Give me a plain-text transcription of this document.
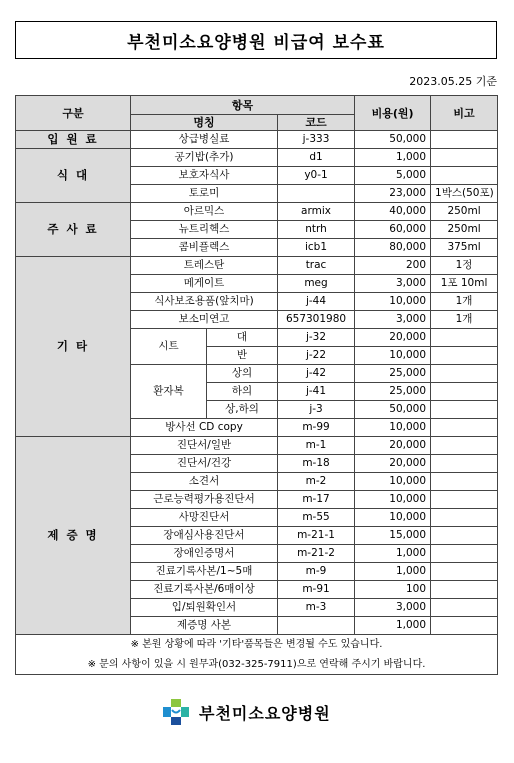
부천미소요양병원 비급여 보수표
2023.05.25 기준
구분	항목			비용(원)	비고
	명칭		코드		
입 원 료	상급병실료		j-333	50,000	
식 대	공기밥(추가)		d1	1,000	
	보호자식사		y0-1	5,000	
	토로미			23,000	1박스(50포)
주 사 료	아르믹스		armix	40,000	250ml
	뉴트리헥스		ntrh	60,000	250ml
	콤비플렉스		icb1	80,000	375ml
기 타	트레스탄		trac	200	1정
	메게이트		meg	3,000	1포 10ml
	식사보조용품(앞치마)		j-44	10,000	1개
	보소미연고		657301980	3,000	1개
	시트	대	j-32	20,000	
		반	j-22	10,000	
	환자복	상의	j-42	25,000	
		하의	j-41	25,000	
		상,하의	j-3	50,000	
	방사선 CD copy		m-99	10,000	
제 증 명	진단서/일반		m-1	20,000	
	진단서/건강		m-18	20,000	
	소견서		m-2	10,000	
	근로능력평가용진단서		m-17	10,000	
	사망진단서		m-55	10,000	
	장애심사용진단서		m-21-1	15,000	
	장애인증명서		m-21-2	1,000	
	진료기록사본/1~5매		m-9	1,000	
	진료기록사본/6매이상		m-91	100	
	입/퇴원확인서		m-3	3,000	
	제증명 사본			1,000	
※ 본원 상황에 따라 '기타'품목들은 변경될 수도 있습니다.					
※ 문의 사항이 있을 시 원무과(032-325-7911)으로 연락해 주시기 바랍니다.					
부천미소요양병원
